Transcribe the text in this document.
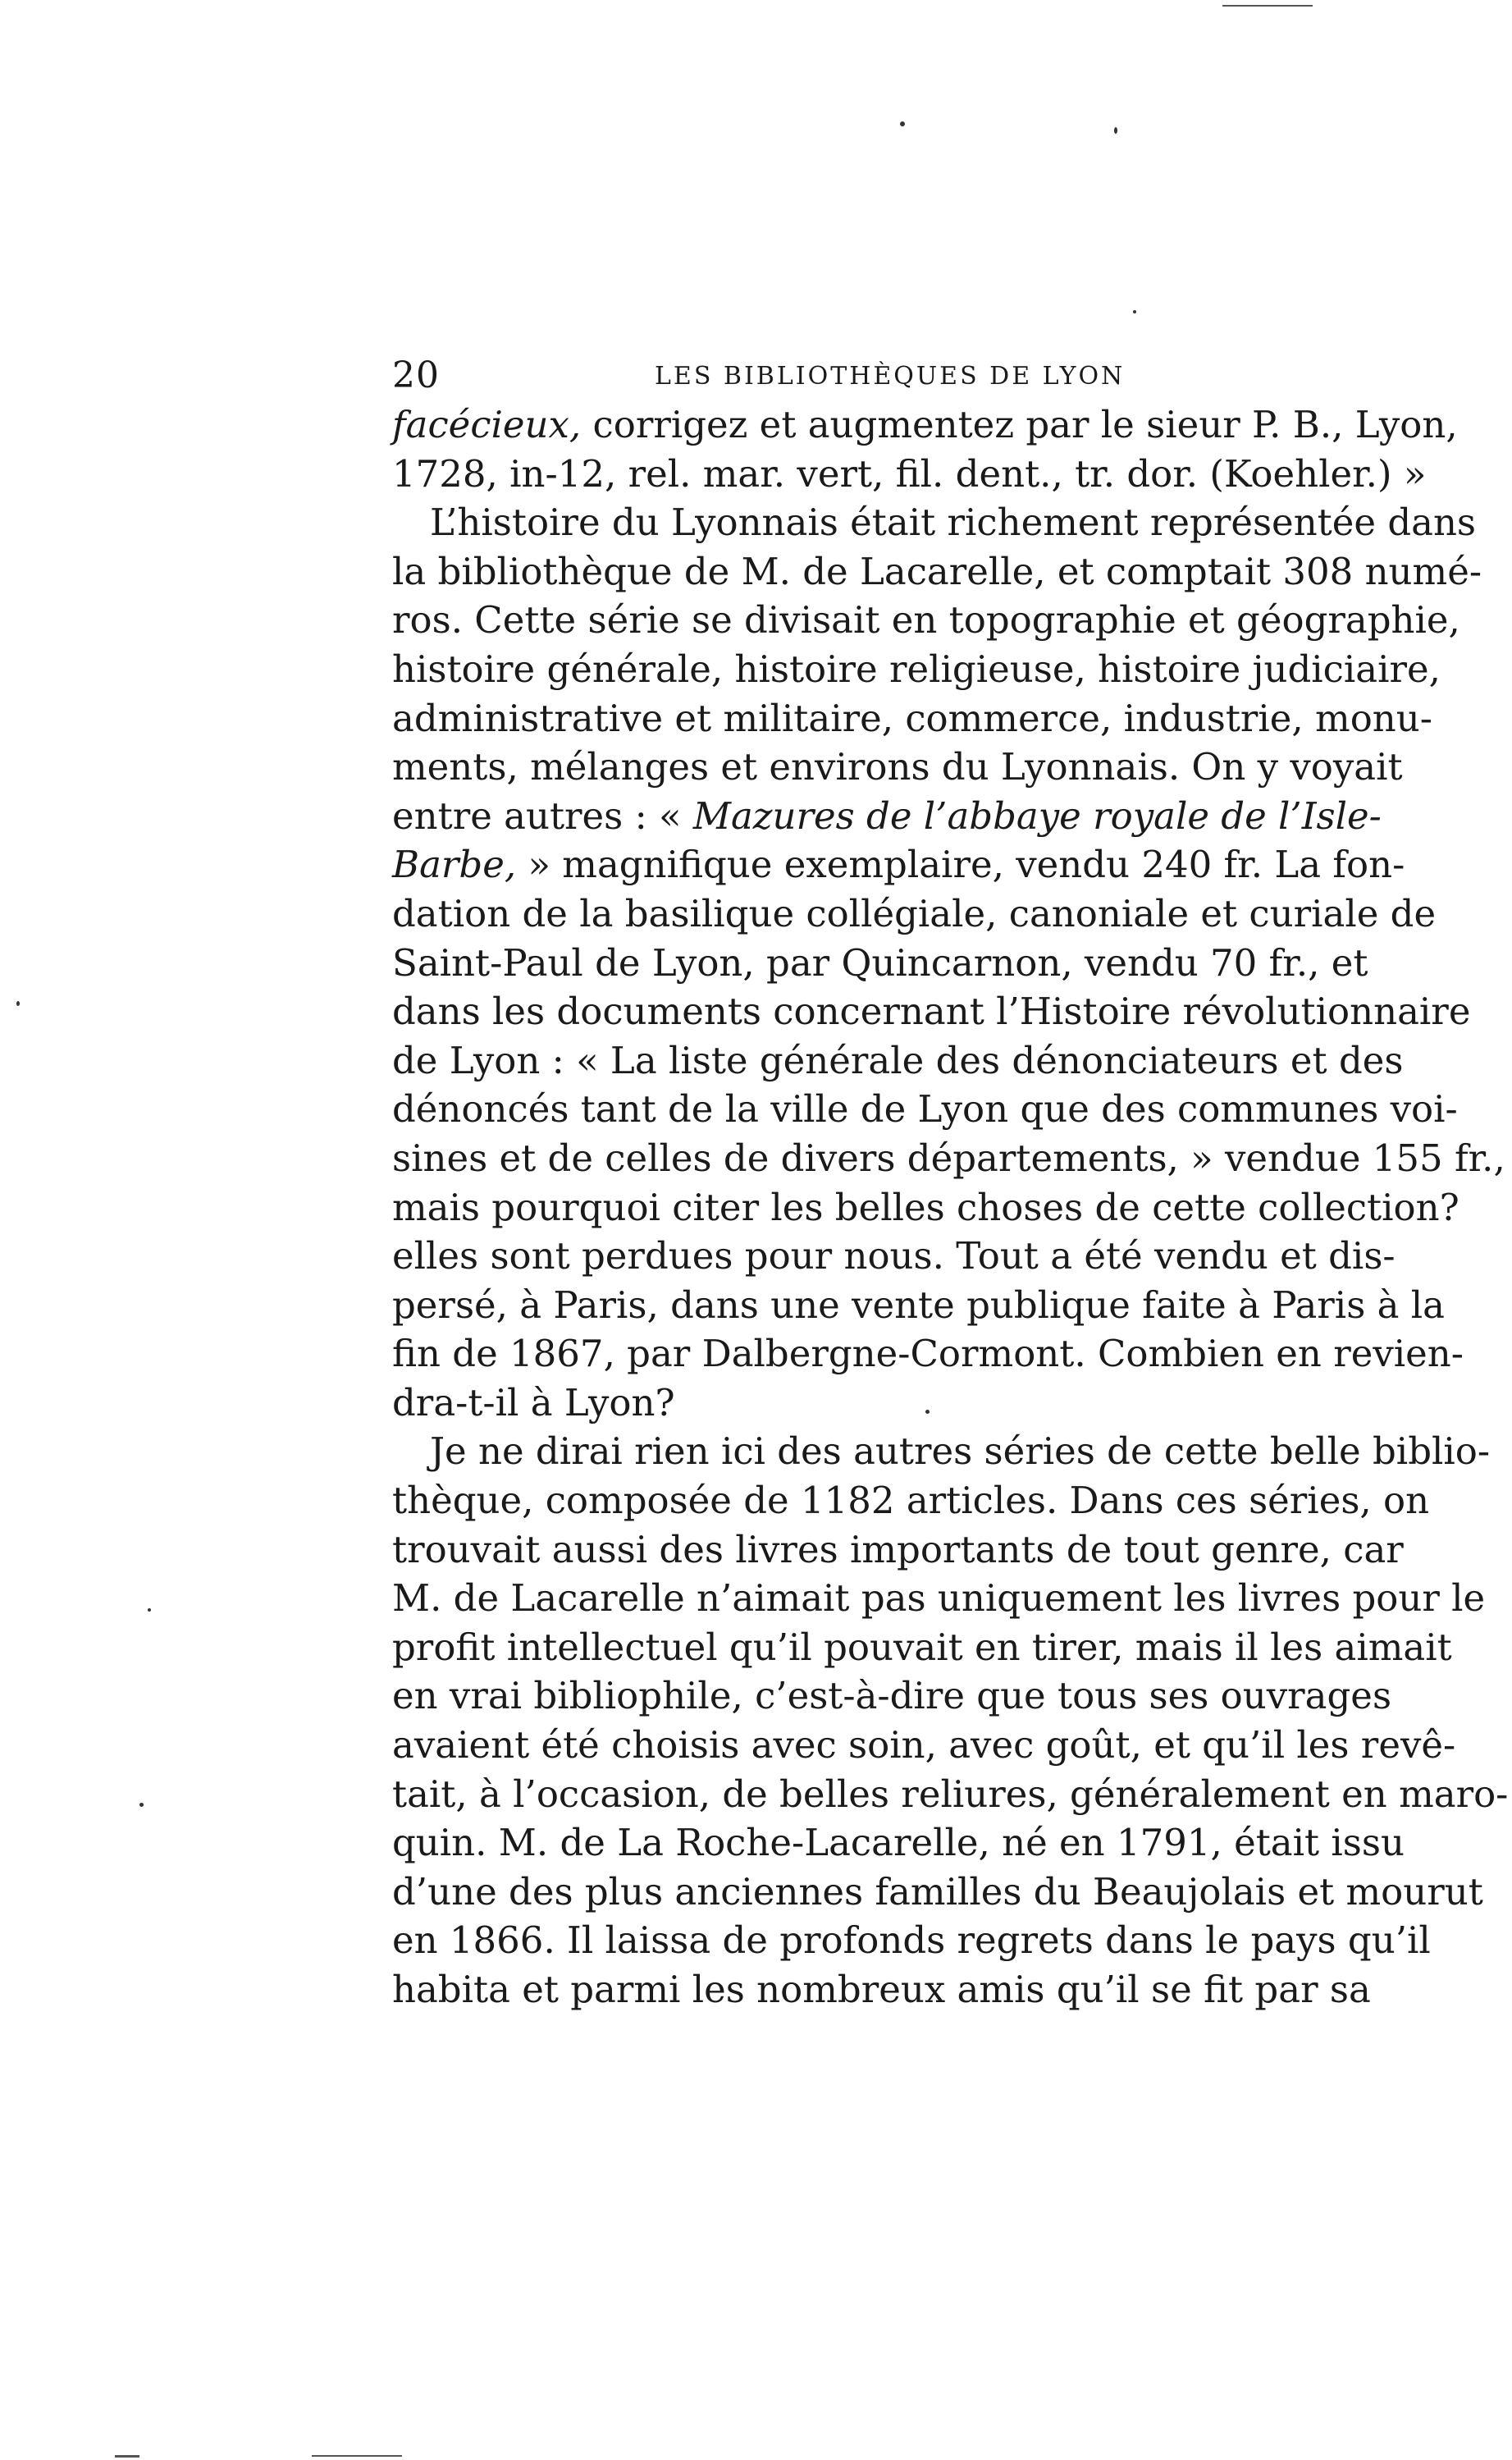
20	LES BIBLIOTHÈQUES DE LYON
facécieux, corrigez et augmentez par le sieur P. B., Lyon,
1728, in-12, rel. mar. vert, fil. dent., tr. dor. (Koehler.) »
L’histoire du Lyonnais était richement représentée dans
la bibliothèque de M. de Lacarelle, et comptait 308 numé-
ros. Cette série se divisait en topographie et géographie,
histoire générale, histoire religieuse, histoire judiciaire,
administrative et militaire, commerce, industrie, monu-
ments, mélanges et environs du Lyonnais. On y voyait
entre autres : « Mazures de l’abbaye royale de l’Isle-
Barbe, » magnifique exemplaire, vendu 240 fr. La fon-
dation de la basilique collégiale, canoniale et curiale de
Saint-Paul de Lyon, par Quincarnon, vendu 70 fr., et
dans les documents concernant l’Histoire révolutionnaire
de Lyon : « La liste générale des dénonciateurs et des
dénoncés tant de la ville de Lyon que des communes voi-
sines et de celles de divers départements, » vendue 155 fr.,
mais pourquoi citer les belles choses de cette collection?
elles sont perdues pour nous. Tout a été vendu et dis-
persé, à Paris, dans une vente publique faite à Paris à la
fin de 1867, par Dalbergne-Cormont. Combien en revien-
dra-t-il à Lyon?
Je ne dirai rien ici des autres séries de cette belle biblio-
thèque, composée de 1182 articles. Dans ces séries, on
trouvait aussi des livres importants de tout genre, car
M. de Lacarelle n’aimait pas uniquement les livres pour le
profit intellectuel qu’il pouvait en tirer, mais il les aimait
en vrai bibliophile, c’est-à-dire que tous ses ouvrages
avaient été choisis avec soin, avec goût, et qu’il les revê-
tait, à l’occasion, de belles reliures, généralement en maro-
quin. M. de La Roche-Lacarelle, né en 1791, était issu
d’une des plus anciennes familles du Beaujolais et mourut
en 1866. Il laissa de profonds regrets dans le pays qu’il
habita et parmi les nombreux amis qu’il se fit par sa
